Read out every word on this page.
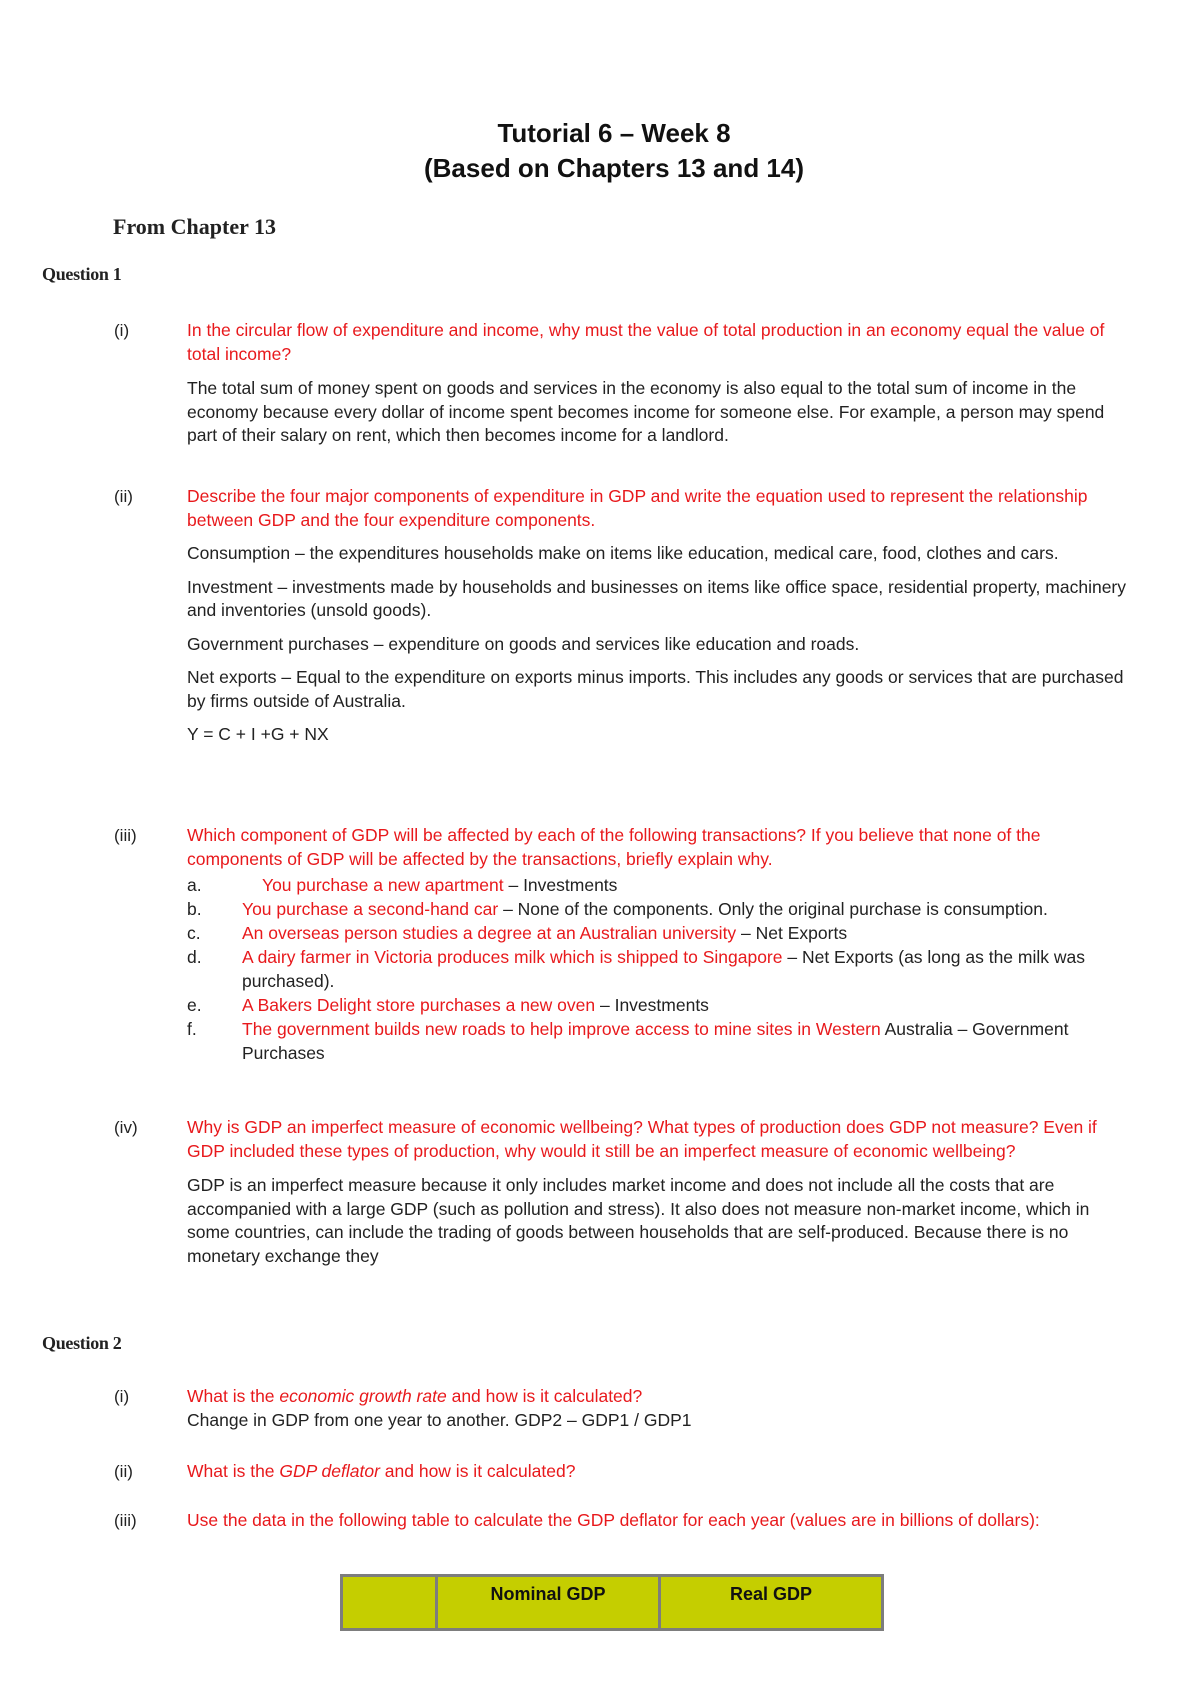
Tutorial 6 – Week 8
(Based on Chapters 13 and 14)
From Chapter 13
Question 1
(i)	In the circular flow of expenditure and income, why must the value of total production in an economy equal the value of total income?

The total sum of money spent on goods and services in the economy is also equal to the total sum of income in the economy because every dollar of income spent becomes income for someone else. For example, a person may spend part of their salary on rent, which then becomes income for a landlord.

(ii)	Describe the four major components of expenditure in GDP and write the equation used to represent the relationship between GDP and the four expenditure components.

Consumption – the expenditures households make on items like education, medical care, food, clothes and cars.

Investment – investments made by households and businesses on items like office space, residential property, machinery and inventories (unsold goods).

Government purchases – expenditure on goods and services like education and roads.

Net exports – Equal to the expenditure on exports minus imports. This includes any goods or services that are purchased by firms outside of Australia.

Y = C + I +G + NX

(iii)	Which component of GDP will be affected by each of the following transactions? If you believe that none of the components of GDP will be affected by the transactions, briefly explain why.

a.	You purchase a new apartment – Investments
b.	You purchase a second-hand car – None of the components. Only the original purchase is consumption.
c.	An overseas person studies a degree at an Australian university – Net Exports
d.	A dairy farmer in Victoria produces milk which is shipped to Singapore – Net Exports (as long as the milk was purchased).
e.	A Bakers Delight store purchases a new oven – Investments
f.	The government builds new roads to help improve access to mine sites in Western Australia – Government Purchases
(iv)	Why is GDP an imperfect measure of economic wellbeing? What types of production does GDP not measure? Even if GDP included these types of production, why would it still be an imperfect measure of economic wellbeing?

GDP is an imperfect measure because it only includes market income and does not include all the costs that are accompanied with a large GDP (such as pollution and stress). It also does not measure non-market income, which in some countries, can include the trading of goods between households that are self-produced. Because there is no monetary exchange they

Question 2
(i)	What is the economic growth rate and how is it calculated?

Change in GDP from one year to another. GDP2 – GDP1 / GDP1

(ii)	What is the GDP deflator and how is it calculated?

(iii)	Use the data in the following table to calculate the GDP deflator for each year (values are in billions of dollars):

	Nominal GDP	Real GDP
